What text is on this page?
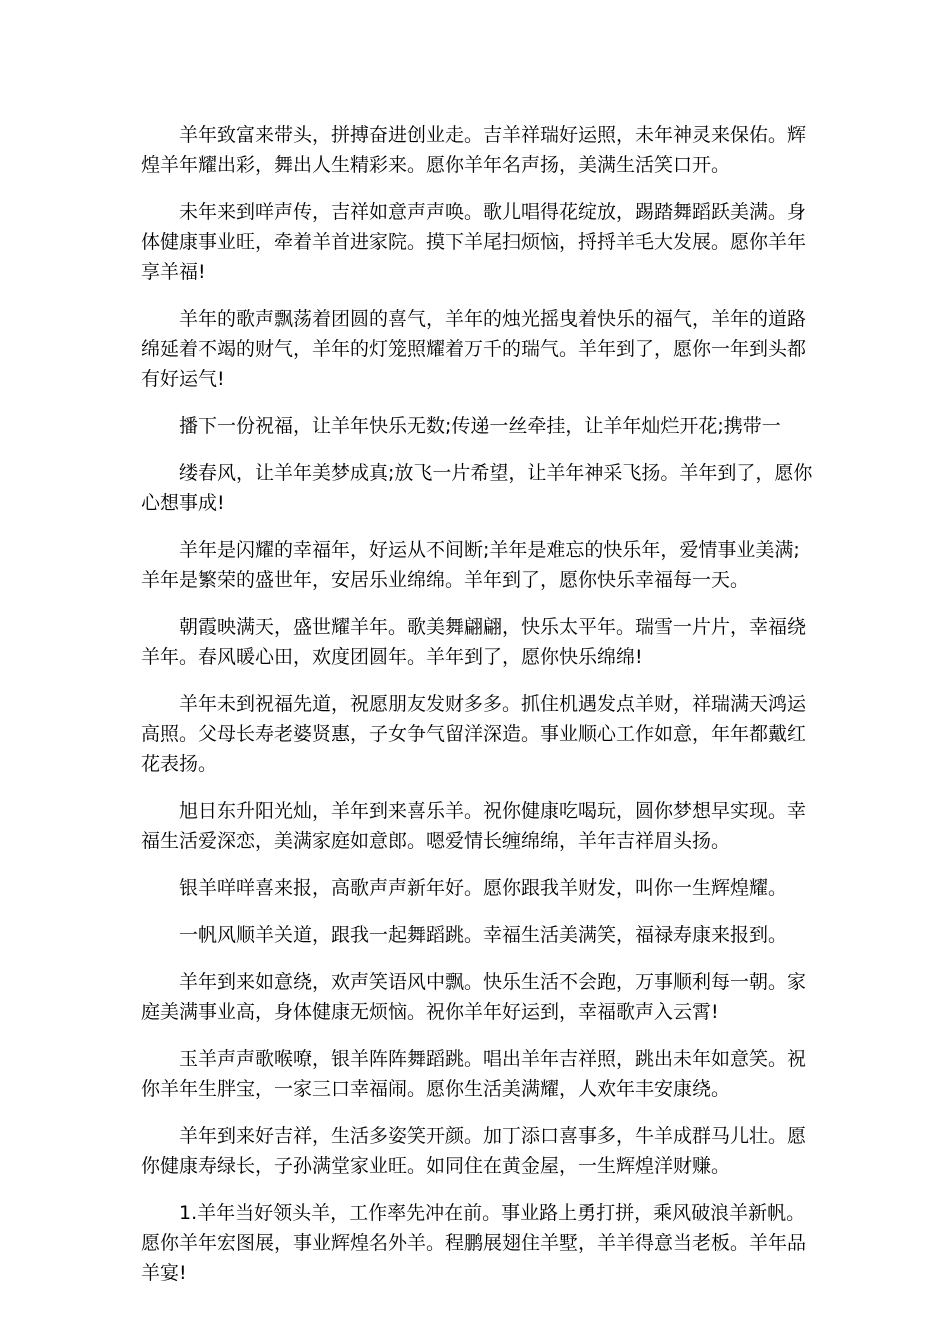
羊年致富来带头，拼搏奋进创业走。吉羊祥瑞好运照，未年神灵来保佑。辉煌羊年耀出彩，舞出人生精彩来。愿你羊年名声扬，美满生活笑口开。

未年来到咩声传，吉祥如意声声唤。歌儿唱得花绽放，踢踏舞蹈跃美满。身体健康事业旺，牵着羊首进家院。摸下羊尾扫烦恼，捋捋羊毛大发展。愿你羊年享羊福!

羊年的歌声飘荡着团圆的喜气，羊年的烛光摇曳着快乐的福气，羊年的道路绵延着不竭的财气，羊年的灯笼照耀着万千的瑞气。羊年到了，愿你一年到头都有好运气!

播下一份祝福，让羊年快乐无数;传递一丝牵挂，让羊年灿烂开花;携带一

缕春风，让羊年美梦成真;放飞一片希望，让羊年神采飞扬。羊年到了，愿你心想事成!

羊年是闪耀的幸福年，好运从不间断;羊年是难忘的快乐年，爱情事业美满;羊年是繁荣的盛世年，安居乐业绵绵。羊年到了，愿你快乐幸福每一天。

朝霞映满天，盛世耀羊年。歌美舞翩翩，快乐太平年。瑞雪一片片，幸福绕羊年。春风暖心田，欢度团圆年。羊年到了，愿你快乐绵绵!

羊年未到祝福先道，祝愿朋友发财多多。抓住机遇发点羊财，祥瑞满天鸿运高照。父母长寿老婆贤惠，子女争气留洋深造。事业顺心工作如意，年年都戴红花表扬。

旭日东升阳光灿，羊年到来喜乐羊。祝你健康吃喝玩，圆你梦想早实现。幸福生活爱深恋，美满家庭如意郎。嗯爱情长缠绵绵，羊年吉祥眉头扬。

银羊咩咩喜来报，高歌声声新年好。愿你跟我羊财发，叫你一生辉煌耀。

一帆风顺羊关道，跟我一起舞蹈跳。幸福生活美满笑，福禄寿康来报到。

羊年到来如意绕，欢声笑语风中飘。快乐生活不会跑，万事顺利每一朝。家庭美满事业高，身体健康无烦恼。祝你羊年好运到，幸福歌声入云霄!

玉羊声声歌喉嘹，银羊阵阵舞蹈跳。唱出羊年吉祥照，跳出未年如意笑。祝你羊年生胖宝，一家三口幸福闹。愿你生活美满耀，人欢年丰安康绕。

羊年到来好吉祥，生活多姿笑开颜。加丁添口喜事多，牛羊成群马儿壮。愿你健康寿绿长，子孙满堂家业旺。如同住在黄金屋，一生辉煌洋财赚。

1.羊年当好领头羊，工作率先冲在前。事业路上勇打拼，乘风破浪羊新帆。愿你羊年宏图展，事业辉煌名外羊。程鹏展翅住羊墅，羊羊得意当老板。羊年品羊宴!
